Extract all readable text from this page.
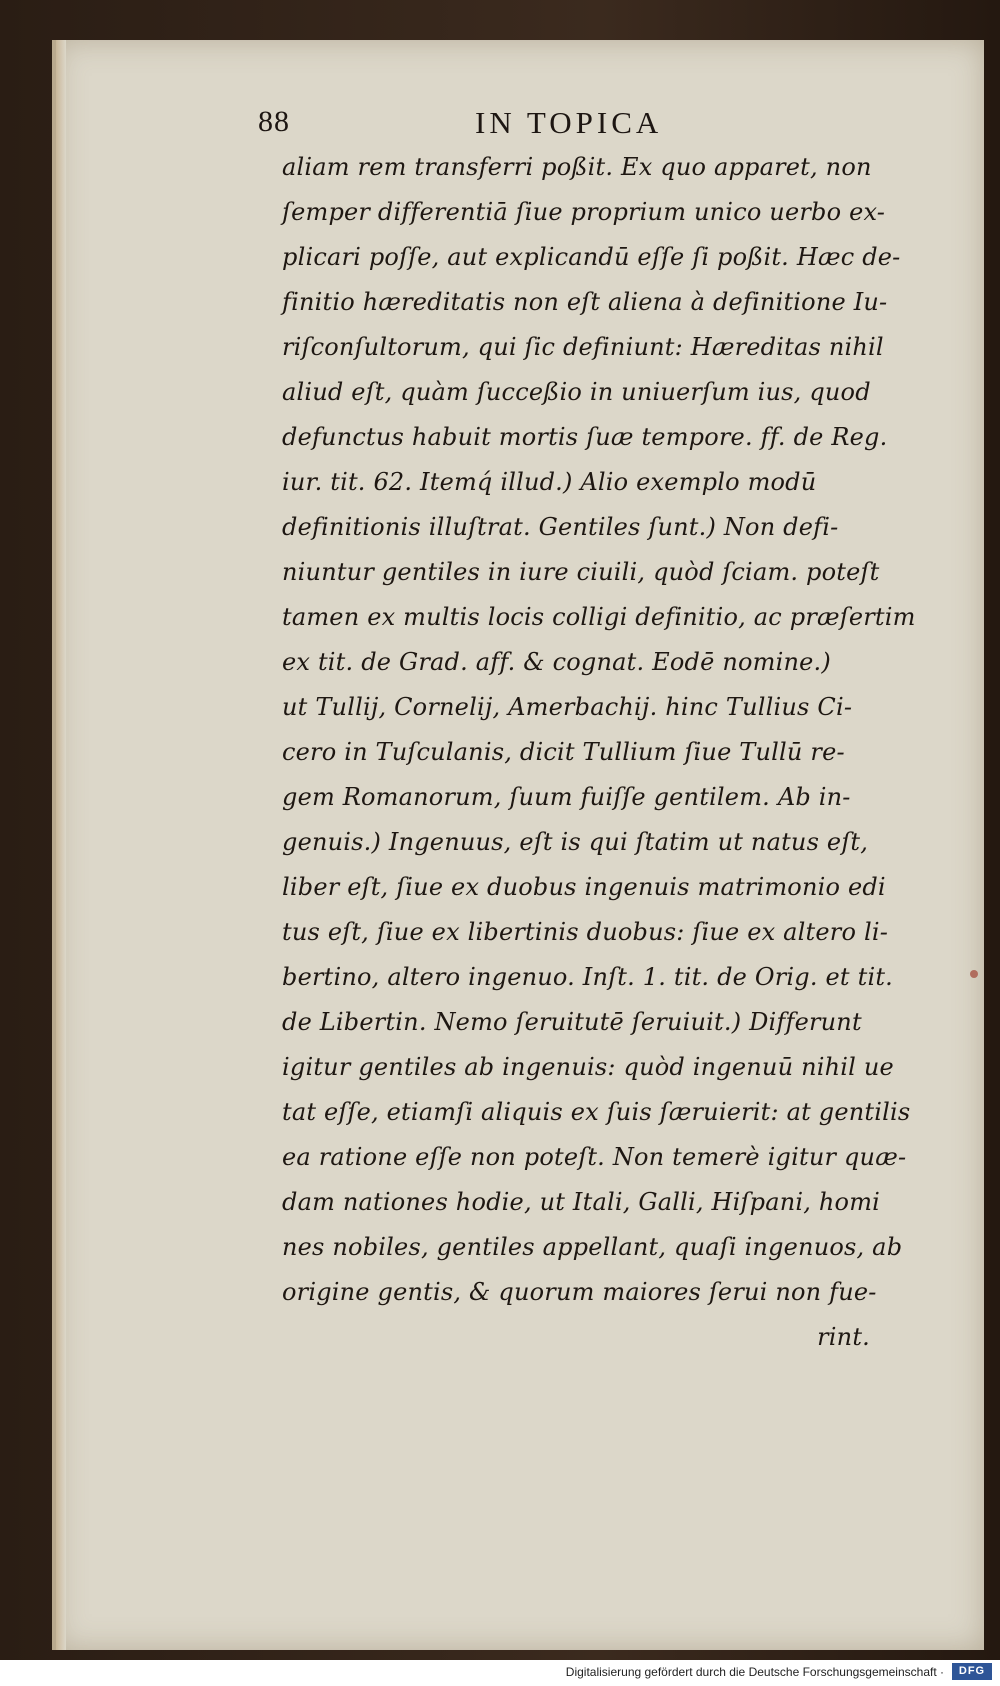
88	IN TOPICA
aliam rem transferri poßit. Ex quo apparet, non
ſemper differentiā ſiue proprium unico uerbo ex-
plicari poſſe, aut explicandū eſſe ſi poßit. Hæc de-
finitio hæreditatis non eſt aliena à definitione Iu-
riſconſultorum, qui ſic definiunt: Hæreditas nihil
aliud eſt, quàm ſucceßio in uniuerſum ius, quod
defunctus habuit mortis ſuæ tempore. ff. de Reg.
iur. tit. 62. Itemq́ illud.) Alio exemplo modū
definitionis illuſtrat. Gentiles ſunt.) Non defi-
niuntur gentiles in iure ciuili, quòd ſciam. poteſt
tamen ex multis locis colligi definitio, ac præſertim
ex tit. de Grad. aff. & cognat. Eodē nomine.)
ut Tullij, Cornelij, Amerbachij. hinc Tullius Ci-
cero in Tuſculanis, dicit Tullium ſiue Tullū re-
gem Romanorum, ſuum fuiſſe gentilem. Ab in-
genuis.) Ingenuus, eſt is qui ſtatim ut natus eſt,
liber eſt, ſiue ex duobus ingenuis matrimonio edi
tus eſt, ſiue ex libertinis duobus: ſiue ex altero li-
bertino, altero ingenuo. Inſt. 1. tit. de Orig. et tit.
de Libertin. Nemo ſeruitutē ſeruiuit.) Differunt
igitur gentiles ab ingenuis: quòd ingenuū nihil ue
tat eſſe, etiamſi aliquis ex ſuis ſæruierit: at gentilis
ea ratione eſſe non poteſt. Non temerè igitur quæ-
dam nationes hodie, ut Itali, Galli, Hiſpani, homi
nes nobiles, gentiles appellant, quaſi ingenuos, ab
origine gentis, & quorum maiores ſerui non fue-
rint.
Digitalisierung gefördert durch die Deutsche Forschungsgemeinschaft ·	DFG
